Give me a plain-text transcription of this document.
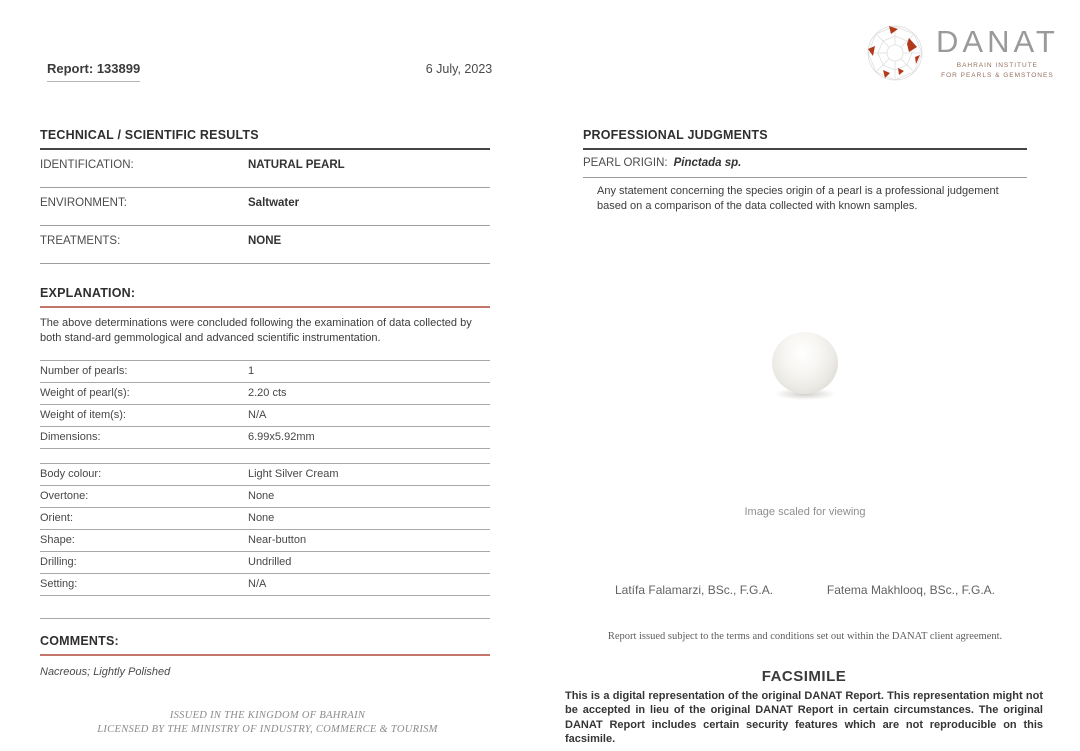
Report: 133899	6 July, 2023
DANAT
BAHRAIN INSTITUTE
FOR PEARLS & GEMSTONES
TECHNICAL / SCIENTIFIC RESULTS
IDENTIFICATION:	NATURAL PEARL
ENVIRONMENT:	Saltwater
TREATMENTS:	NONE
EXPLANATION:
The above determinations were concluded following the examination of data collected by both stand-ard gemmological and advanced scientific instrumentation.
Number of pearls:	1
Weight of pearl(s):	2.20 cts
Weight of item(s):	N/A
Dimensions:	6.99x5.92mm
Body colour:	Light Silver Cream
Overtone:	None
Orient:	None
Shape:	Near-button
Drilling:	Undrilled
Setting:	N/A
COMMENTS:
Nacreous; Lightly Polished
PROFESSIONAL JUDGMENTS
PEARL ORIGIN: Pinctada sp.
Any statement concerning the species origin of a pearl is a professional judgement based on a comparison of the data collected with known samples.
Image scaled for viewing
Latífa Falamarzi, BSc., F.G.A.	Fatema Makhlooq, BSc., F.G.A.
Report issued subject to the terms and conditions set out within the DANAT client agreement.
FACSIMILE
This is a digital representation of the original DANAT Report. This representation might not be accepted in lieu of the original DANAT Report in certain circumstances. The original DANAT Report includes certain security features which are not reproducible on this facsimile.
ISSUED IN THE KINGDOM OF BAHRAIN
LICENSED BY THE MINISTRY OF INDUSTRY, COMMERCE & TOURISM
